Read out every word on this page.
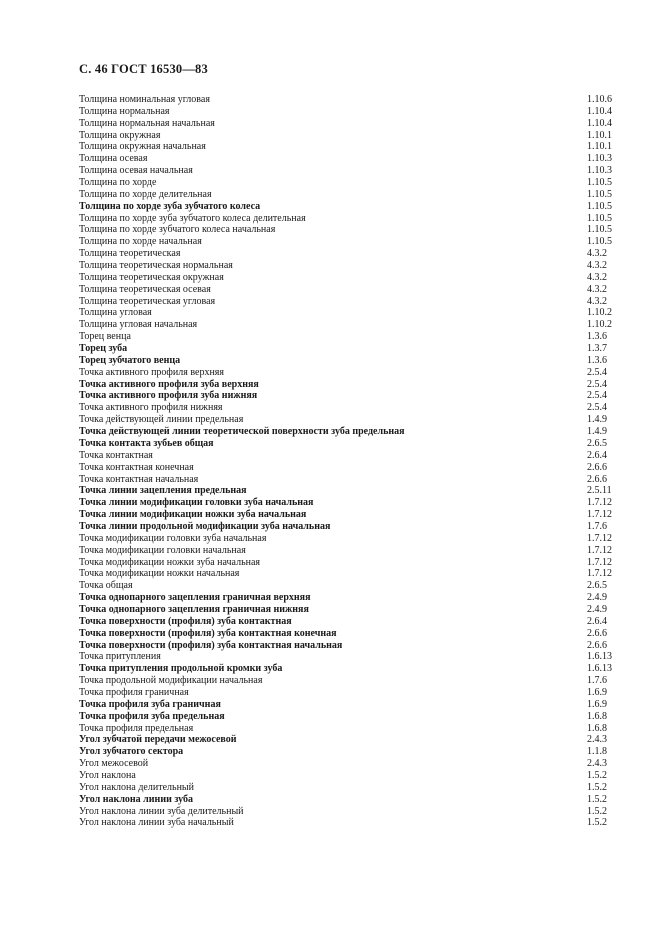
С. 46 ГОСТ 16530—83
Толщина номинальная угловая	1.10.6
Толщина нормальная	1.10.4
Толщина нормальная начальная	1.10.4
Толщина окружная	1.10.1
Толщина окружная начальная	1.10.1
Толщина осевая	1.10.3
Толщина осевая начальная	1.10.3
Толщина по хорде	1.10.5
Толщина по хорде делительная	1.10.5
Толщина по хорде зуба зубчатого колеса	1.10.5
Толщина по хорде зуба зубчатого колеса делительная	1.10.5
Толщина по хорде зубчатого колеса начальная	1.10.5
Толщина по хорде начальная	1.10.5
Толщина теоретическая	4.3.2
Толщина теоретическая нормальная	4.3.2
Толщина теоретическая окружная	4.3.2
Толщина теоретическая осевая	4.3.2
Толщина теоретическая угловая	4.3.2
Толщина угловая	1.10.2
Толщина угловая начальная	1.10.2
Торец венца	1.3.6
Торец зуба	1.3.7
Торец зубчатого венца	1.3.6
Точка активного профиля верхняя	2.5.4
Точка активного профиля зуба верхняя	2.5.4
Точка активного профиля зуба нижняя	2.5.4
Точка активного профиля нижняя	2.5.4
Точка действующей линии предельная	1.4.9
Точка действующей линии теоретической поверхности зуба предельная	1.4.9
Точка контакта зубьев общая	2.6.5
Точка контактная	2.6.4
Точка контактная конечная	2.6.6
Точка контактная начальная	2.6.6
Точка линии зацепления предельная	2.5.11
Точка линии модификации головки зуба начальная	1.7.12
Точка линии модификации ножки зуба начальная	1.7.12
Точка линии продольной модификации зуба начальная	1.7.6
Точка модификации головки зуба начальная	1.7.12
Точка модификации головки начальная	1.7.12
Точка модификации ножки зуба начальная	1.7.12
Точка модификации ножки начальная	1.7.12
Точка общая	2.6.5
Точка однопарного зацепления граничная верхняя	2.4.9
Точка однопарного зацепления граничная нижняя	2.4.9
Точка поверхности (профиля) зуба контактная	2.6.4
Точка поверхности (профиля) зуба контактная конечная	2.6.6
Точка поверхности (профиля) зуба контактная начальная	2.6.6
Точка притупления	1.6.13
Точка притупления продольной кромки зуба	1.6.13
Точка продольной модификации начальная	1.7.6
Точка профиля граничная	1.6.9
Точка профиля зуба граничная	1.6.9
Точка профиля зуба предельная	1.6.8
Точка профиля предельная	1.6.8
Угол зубчатой передачи межосевой	2.4.3
Угол зубчатого сектора	1.1.8
Угол межосевой	2.4.3
Угол наклона	1.5.2
Угол наклона делительный	1.5.2
Угол наклона линии зуба	1.5.2
Угол наклона линии зуба делительный	1.5.2
Угол наклона линии зуба начальный	1.5.2
